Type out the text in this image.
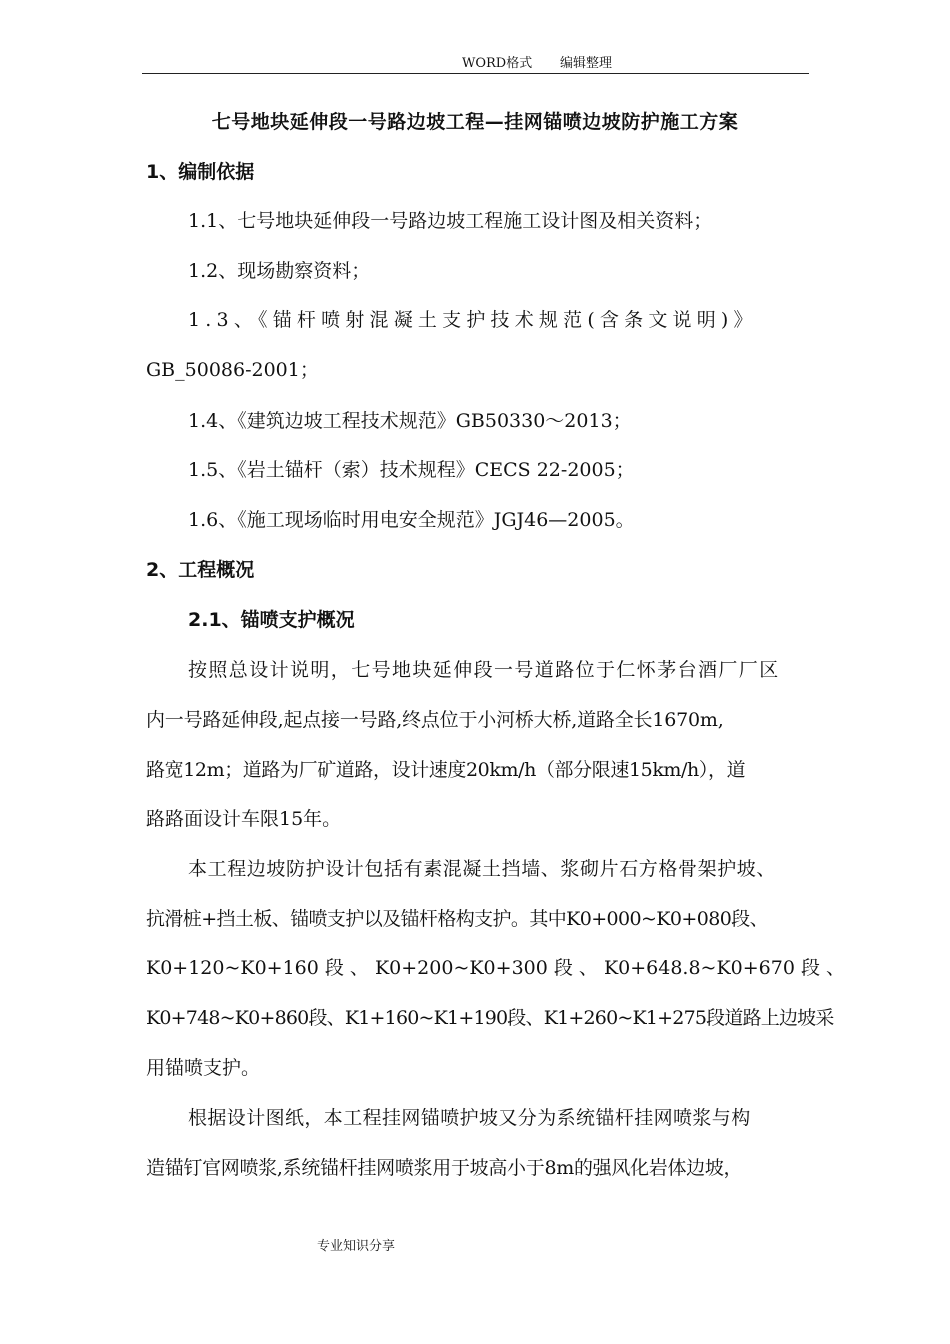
WORD格式 编辑整理
七号地块延伸段一号路边坡工程—挂网锚喷边坡防护施工方案
1、编制依据
1.1、七号地块延伸段一号路边坡工程施工设计图及相关资料；
1.2、现场勘察资料；
1.3、《锚杆喷射混凝土支护技术规范(含条文说明)》
GB_50086-2001；
1.4、《建筑边坡工程技术规范》GB50330～2013；
1.5、《岩土锚杆（索）技术规程》CECS 22-2005；
1.6、《施工现场临时用电安全规范》JGJ46—2005。
2、工程概况
2.1、锚喷支护概况
按照总设计说明，七号地块延伸段一号道路位于仁怀茅台酒厂厂区
内一号路延伸段,起点接一号路,终点位于小河桥大桥,道路全长1670m,
路宽12m；道路为厂矿道路，设计速度20km/h（部分限速15km/h），道
路路面设计车限15年。
本工程边坡防护设计包括有素混凝土挡墙、浆砌片石方格骨架护坡、
抗滑桩+挡土板、锚喷支护以及锚杆格构支护。其中K0+000~K0+080段、
K0+120~K0+160 段 、 K0+200~K0+300 段 、 K0+648.8~K0+670 段 、
K0+748~K0+860段、K1+160~K1+190段、K1+260~K1+275段道路上边坡采
用锚喷支护。
根据设计图纸，本工程挂网锚喷护坡又分为系统锚杆挂网喷浆与构
造锚钉官网喷浆,系统锚杆挂网喷浆用于坡高小于8m的强风化岩体边坡，
专业知识分享
